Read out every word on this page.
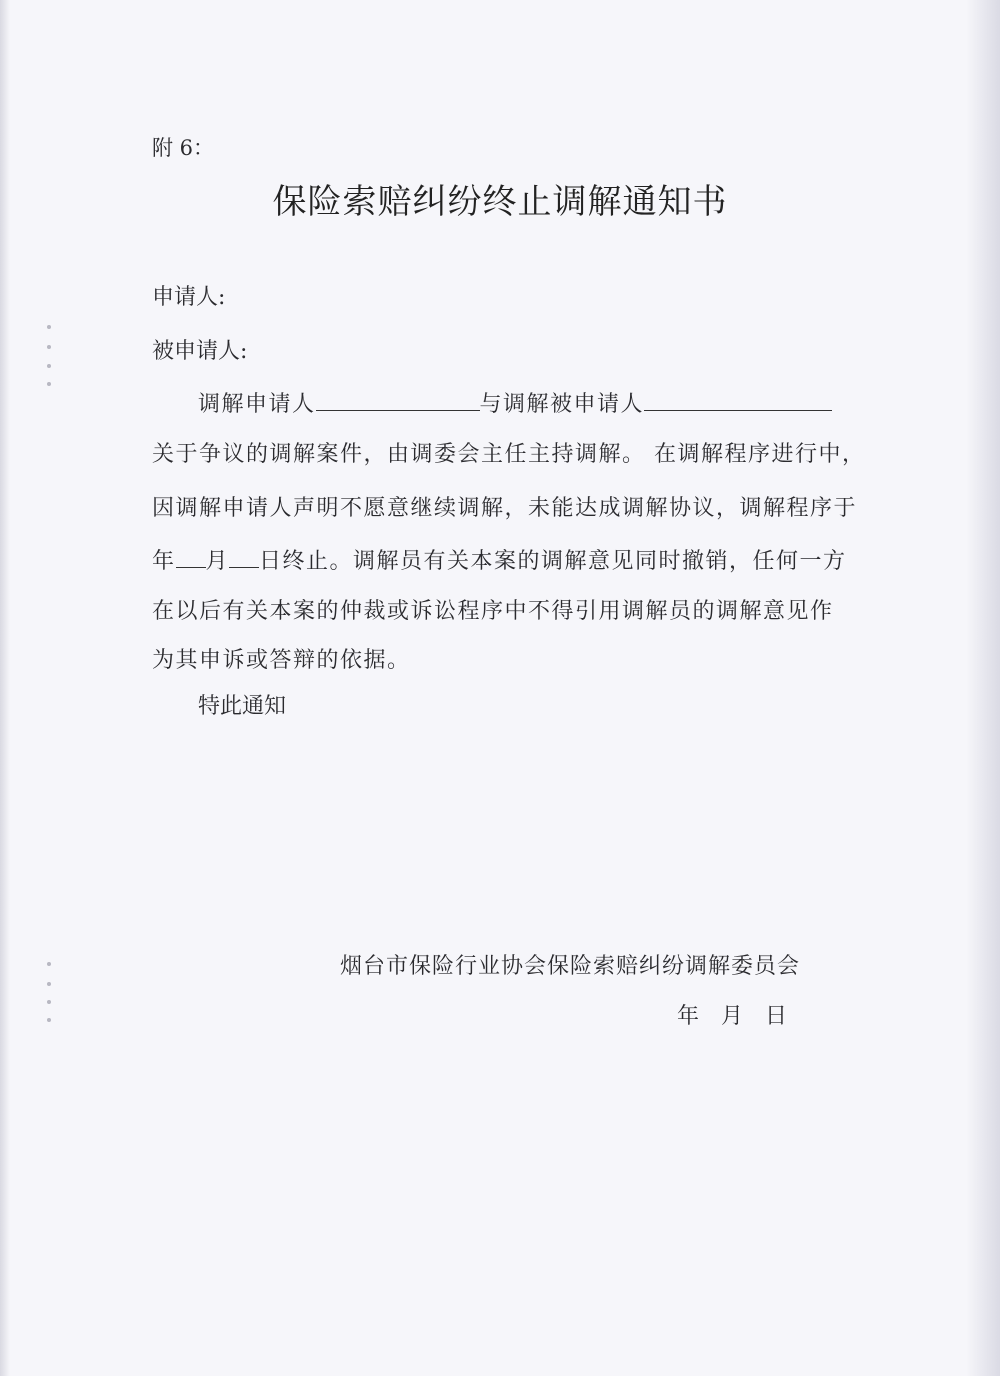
附 6：
保险索赔纠纷终止调解通知书
申请人:
被申请人:
调解申请人	与调解被申请人
关于争议的调解案件，由调委会主任主持调解。 在调解程序进行中，
因调解申请人声明不愿意继续调解，未能达成调解协议，调解程序于
年 月 日终止。调解员有关本案的调解意见同时撤销，任何一方
在以后有关本案的仲裁或诉讼程序中不得引用调解员的调解意见作
为其申诉或答辩的依据。
特此通知
烟台市保险行业协会保险索赔纠纷调解委员会
年 月 日
